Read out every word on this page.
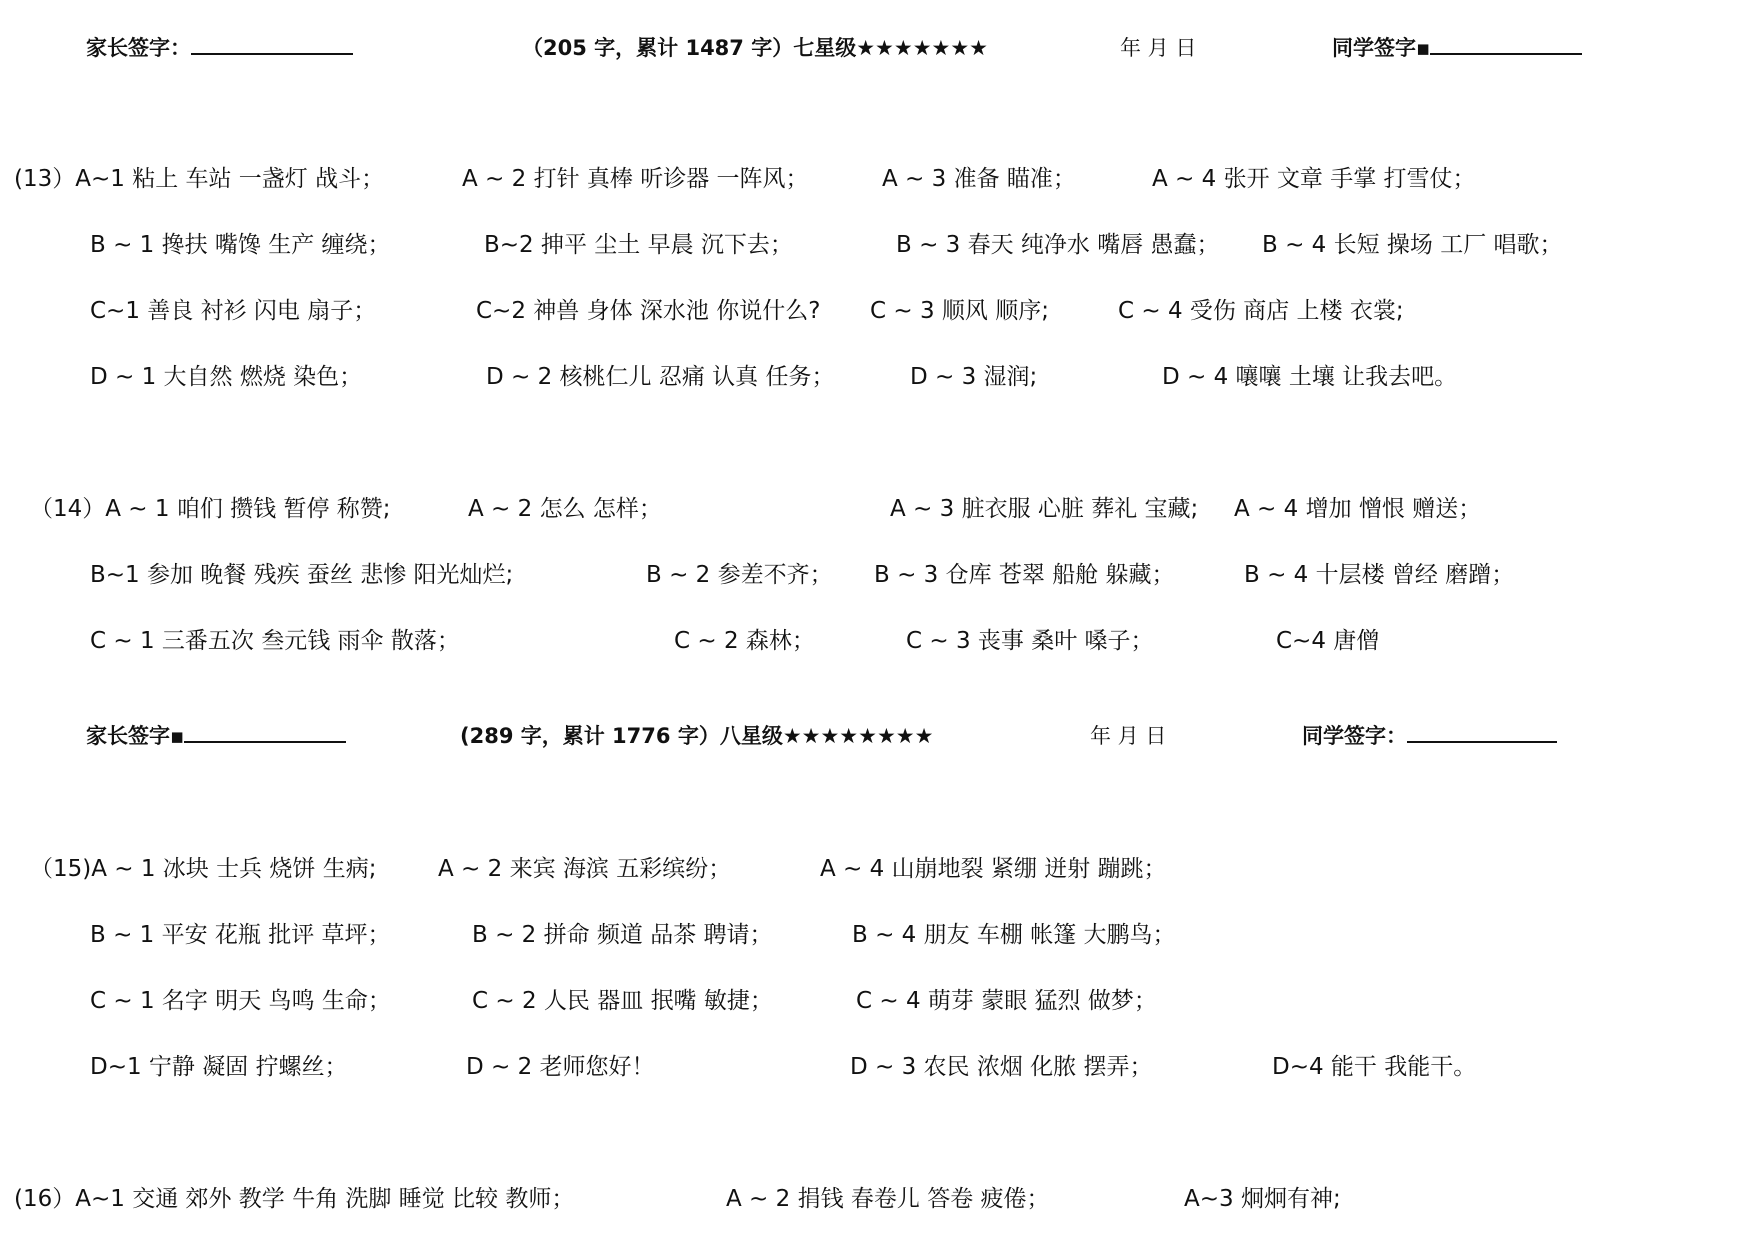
家长签字：	（205 字，累计 1487 字）七星级★★★★★★★	年 月 日	同学签字▪
(13）A~1 粘上 车站 一盏灯 战斗；	A ~ 2 打针 真棒 听诊器 一阵风；	A ~ 3 准备 瞄准；	A ~ 4 张开 文章 手掌 打雪仗；
B ~ 1 搀扶 嘴馋 生产 缠绕；	B~2 抻平 尘土 早晨 沉下去；	B ~ 3 春天 纯净水 嘴唇 愚蠢； B ~ 4 长短 操场 工厂 唱歌；
C~1 善良 衬衫 闪电 扇子；	C~2 神兽 身体 深水池 你说什么? C ~ 3 顺风 顺序;	C ~ 4 受伤 商店 上楼 衣裳;
D ~ 1 大自然 燃烧 染色；	D ~ 2 核桃仁儿 忍痛 认真 任务；	D ~ 3 湿润;	D ~ 4 嚷嚷 土壤 让我去吧。
（14）A ~ 1 咱们 攒钱 暂停 称赞;	A ~ 2 怎么 怎样；	A ~ 3 脏衣服 心脏 葬礼 宝藏; A ~ 4 增加 憎恨 赠送；
B~1 参加 晚餐 残疾 蚕丝 悲惨 阳光灿烂;	B ~ 2 参差不齐； B ~ 3 仓库 苍翠 船舱 躲藏；	B ~ 4 十层楼 曾经 磨蹭；
C ~ 1 三番五次 叁元钱 雨伞 散落；	C ~ 2 森林；	C ~ 3 丧事 桑叶 嗓子；	C~4 唐僧
家长签字▪	(289 字，累计 1776 字）八星级★★★★★★★★	年 月 日	同学签字：
（15)A ~ 1 冰块 士兵 烧饼 生病;	A ~ 2 来宾 海滨 五彩缤纷；	A ~ 4 山崩地裂 紧绷 迸射 蹦跳；
B ~ 1 平安 花瓶 批评 草坪；	B ~ 2 拼命 频道 品茶 聘请；	B ~ 4 朋友 车棚 帐篷 大鹏鸟；
C ~ 1 名字 明天 鸟鸣 生命；	C ~ 2 人民 器皿 抿嘴 敏捷；	C ~ 4 萌芽 蒙眼 猛烈 做梦；
D~1 宁静 凝固 拧螺丝；	D ~ 2 老师您好！	D ~ 3 农民 浓烟 化脓 摆弄；	D~4 能干 我能干。
(16）A~1 交通 郊外 教学 牛角 洗脚 睡觉 比较 教师；	A ~ 2 捐钱 春卷儿 答卷 疲倦；	A~3 炯炯有神;
